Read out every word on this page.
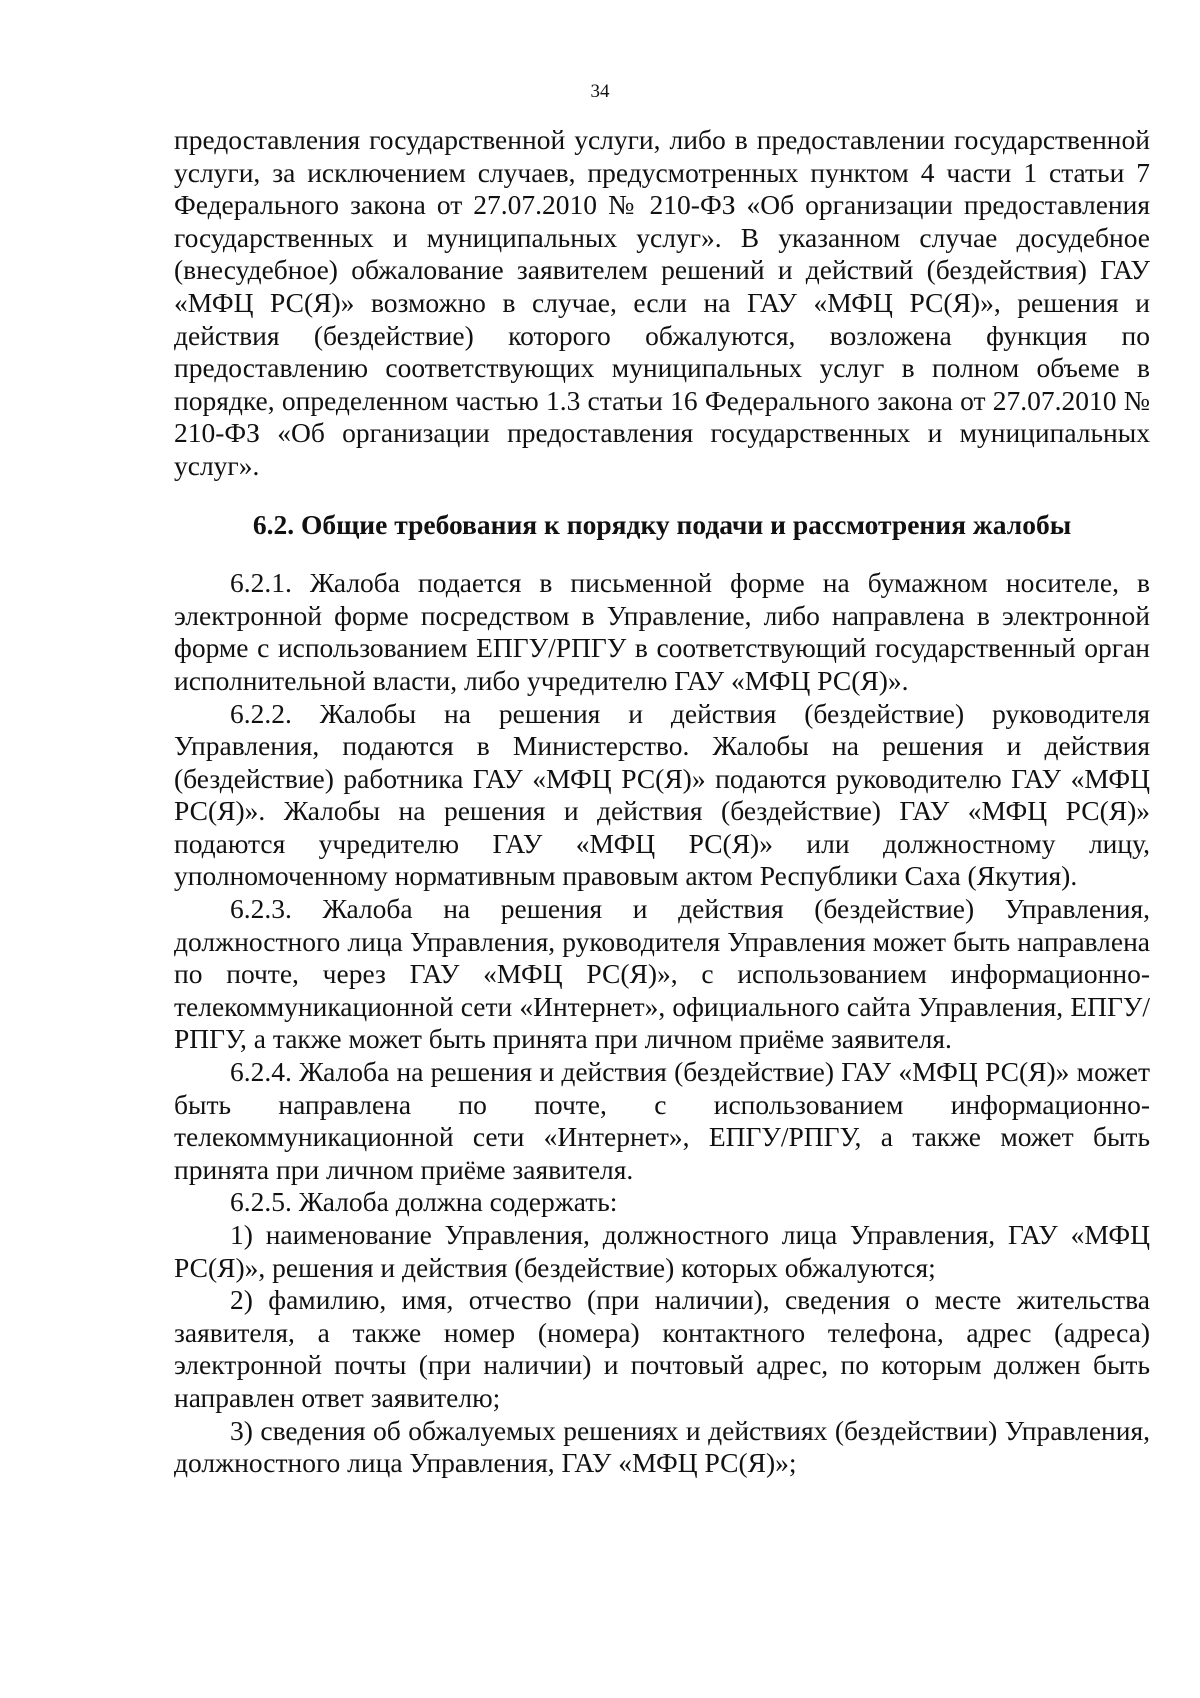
34

предоставления государственной услуги, либо в предоставлении государственной услуги, за исключением случаев, предусмотренных пунктом 4 части 1 статьи 7 Федерального закона от 27.07.2010 № 210-ФЗ «Об организации предоставления государственных и муниципальных услуг». В указанном случае досудебное (внесудебное) обжалование заявителем решений и действий (бездействия) ГАУ «МФЦ РС(Я)» возможно в случае, если на ГАУ «МФЦ РС(Я)», решения и действия (бездействие) которого обжалуются, возложена функция по предоставлению соответствующих муниципальных услуг в полном объеме в порядке, определенном частью 1.3 статьи 16 Федерального закона от 27.07.2010 № 210-ФЗ «Об организации предоставления государственных и муниципальных услуг».

6.2. Общие требования к порядку подачи и рассмотрения жалобы

6.2.1. Жалоба подается в письменной форме на бумажном носителе, в электронной форме посредством в Управление, либо направлена в электронной форме с использованием ЕПГУ/РПГУ в соответствующий государственный орган исполнительной власти, либо учредителю ГАУ «МФЦ РС(Я)».

6.2.2. Жалобы на решения и действия (бездействие) руководителя Управления, подаются в Министерство. Жалобы на решения и действия (бездействие) работника ГАУ «МФЦ РС(Я)» подаются руководителю ГАУ «МФЦ РС(Я)». Жалобы на решения и действия (бездействие) ГАУ «МФЦ РС(Я)» подаются учредителю ГАУ «МФЦ РС(Я)» или должностному лицу, уполномоченному нормативным правовым актом Республики Саха (Якутия).

6.2.3. Жалоба на решения и действия (бездействие) Управления, должностного лица Управления, руководителя Управления может быть направлена по почте, через ГАУ «МФЦ РС(Я)», с использованием информационно-телекоммуникационной сети «Интернет», официального сайта Управления, ЕПГУ/РПГУ, а также может быть принята при личном приёме заявителя.

6.2.4. Жалоба на решения и действия (бездействие) ГАУ «МФЦ РС(Я)» может быть направлена по почте, с использованием информационно-телекоммуникационной сети «Интернет», ЕПГУ/РПГУ, а также может быть принята при личном приёме заявителя.

6.2.5. Жалоба должна содержать:

1) наименование Управления, должностного лица Управления, ГАУ «МФЦ РС(Я)», решения и действия (бездействие) которых обжалуются;

2) фамилию, имя, отчество (при наличии), сведения о месте жительства заявителя, а также номер (номера) контактного телефона, адрес (адреса) электронной почты (при наличии) и почтовый адрес, по которым должен быть направлен ответ заявителю;

3) сведения об обжалуемых решениях и действиях (бездействии) Управления, должностного лица Управления, ГАУ «МФЦ РС(Я)»;
